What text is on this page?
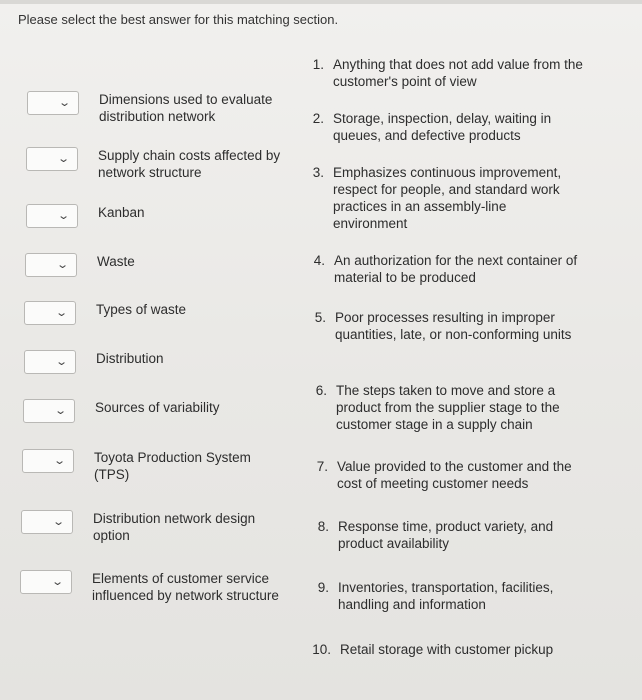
Please select the best answer for this matching section.
⌄ Dimensions used to evaluate distribution network
⌄ Supply chain costs affected by network structure
⌄ Kanban
⌄ Waste
⌄ Types of waste
⌄ Distribution
⌄ Sources of variability
⌄ Toyota Production System (TPS)
⌄ Distribution network design option
⌄ Elements of customer service influenced by network structure
1. Anything that does not add value from the customer's point of view
2. Storage, inspection, delay, waiting in queues, and defective products
3. Emphasizes continuous improvement, respect for people, and standard work practices in an assembly-line environment
4. An authorization for the next container of material to be produced
5. Poor processes resulting in improper quantities, late, or non-conforming units
6. The steps taken to move and store a product from the supplier stage to the customer stage in a supply chain
7. Value provided to the customer and the cost of meeting customer needs
8. Response time, product variety, and product availability
9. Inventories, transportation, facilities, handling and information
10. Retail storage with customer pickup
